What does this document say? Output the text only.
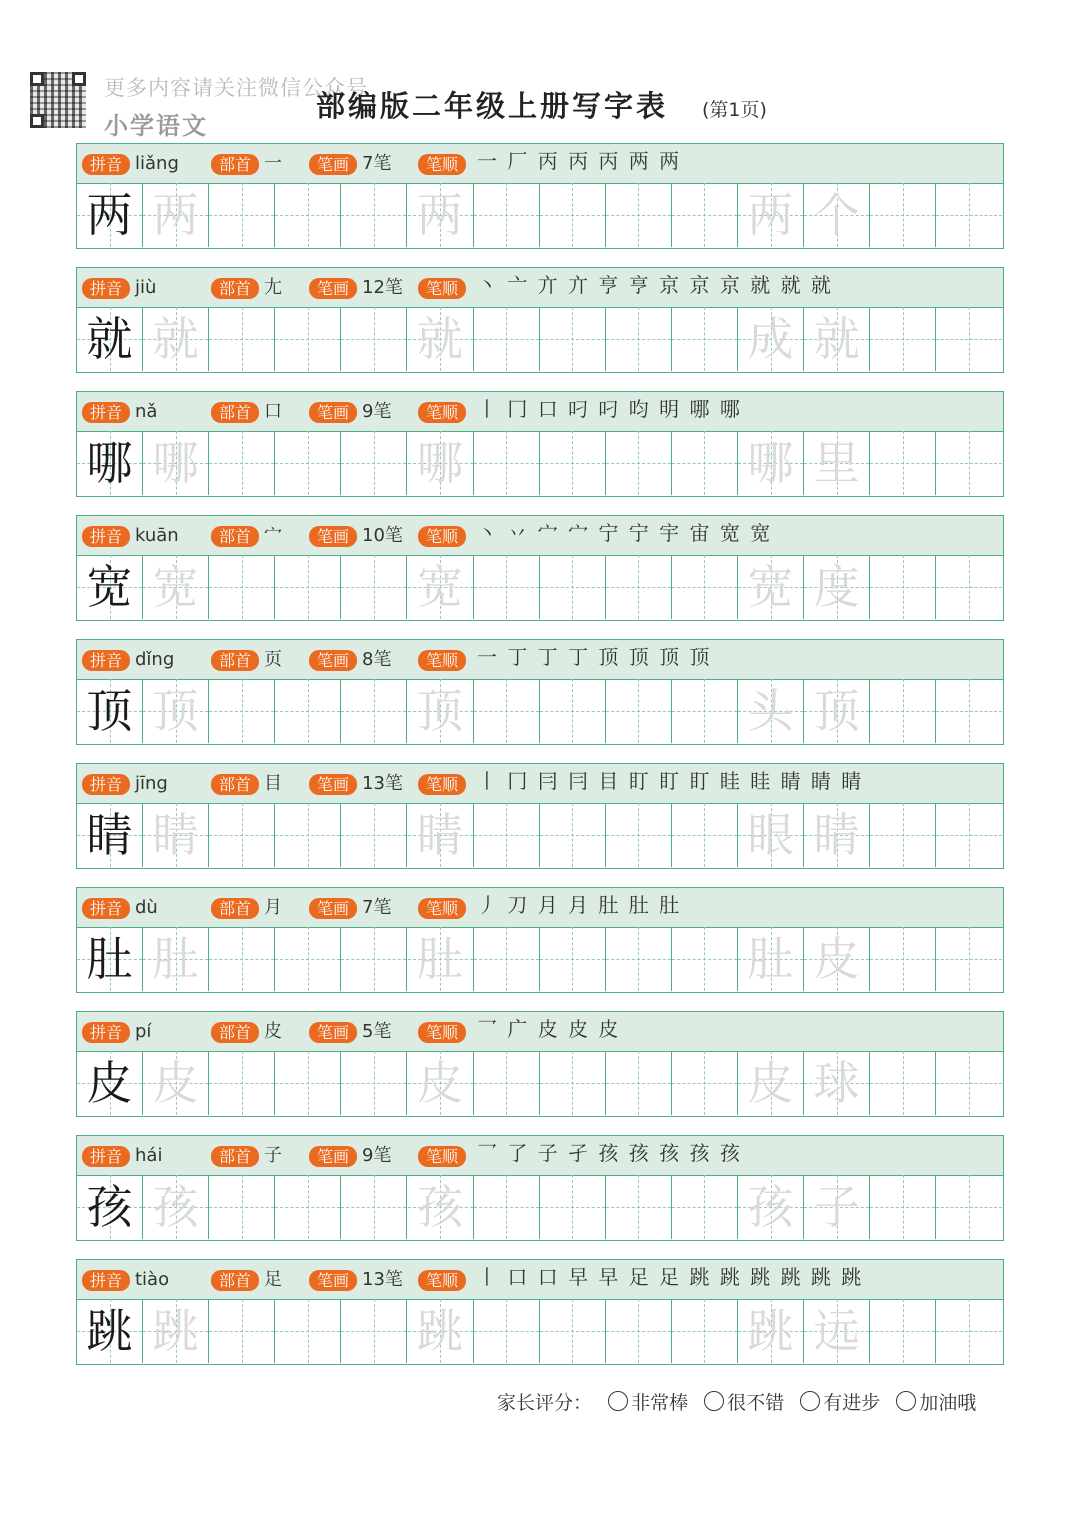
更多内容请关注微信公众号
小学语文
部编版二年级上册写字表 (第1页)
拼音 liǎng	部首 一	笔画 7笔	笔顺 一 厂 丙 丙 丙 两 两
两 两	两	两 个
拼音 jiù	部首 尢	笔画 12笔	笔顺 丶 亠 亣 亣 亨 亨 京 京 京 就 就 就
就 就	就	成 就
拼音 nǎ	部首 口	笔画 9笔	笔顺 丨 冂 口 叼 叼 呁 明 哪 哪
哪 哪	哪	哪 里
拼音 kuān	部首 宀	笔画 10笔	笔顺 丶 丷 宀 宀 宁 宁 宇 宙 宽 宽
宽 宽	宽	宽 度
拼音 dǐng	部首 页	笔画 8笔	笔顺 一 丁 丁 丁 顶 顶 顶 顶
顶 顶	顶	头 顶
拼音 jīng	部首 目	笔画 13笔	笔顺 丨 冂 冃 冃 目 盯 盯 盯 眭 眭 睛 睛 睛
睛 睛	睛	眼 睛
拼音 dù	部首 月	笔画 7笔	笔顺 丿 刀 月 月 肚 肚 肚
肚 肚	肚	肚 皮
拼音 pí	部首 皮	笔画 5笔	笔顺 乛 广 皮 皮 皮
皮 皮	皮	皮 球
拼音 hái	部首 子	笔画 9笔	笔顺 乛 了 子 孑 孩 孩 孩 孩 孩
孩 孩	孩	孩 子
拼音 tiào	部首 足	笔画 13笔	笔顺 丨 口 口 早 早 足 足 跳 跳 跳 跳 跳 跳
跳 跳	跳	跳 远
家长评分： 非常棒 很不错 有进步 加油哦
